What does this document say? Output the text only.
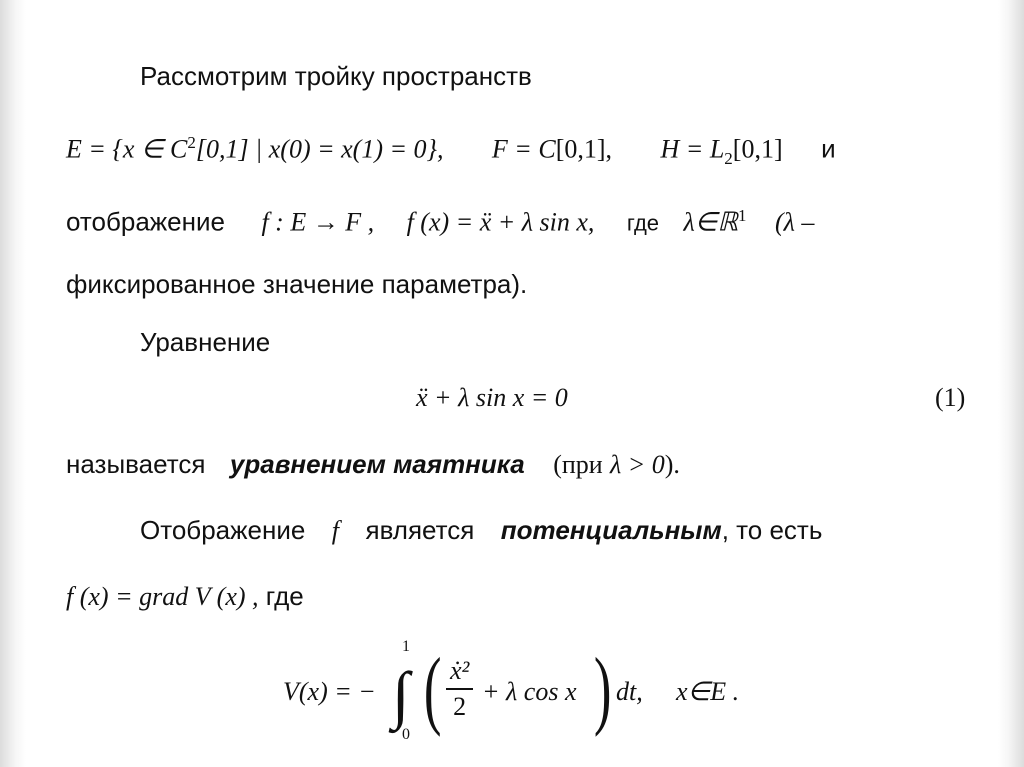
Рассмотрим тройку пространств
E = {x ∈ $C^2[0,1]$ | x(0) = x(1) = 0}, F = C[0,1], $H = L_2[0,1]$ и
отображение f : E → F , f (x) = ẍ + λ sin x, где λ∈ℝ$^1$ (λ –
фиксированное значение параметра).
Уравнение
ẍ + λ sin x = 0	(1)
называется уравнением маятника (при λ > 0).
Отображение f является потенциальным, то есть
f (x) = grad V (x) , где
V(x) = − ∫
1
0 ( $\frac{\text{ẋ²}}{2} + \lambda$ cos x ) dt, x∈E .
